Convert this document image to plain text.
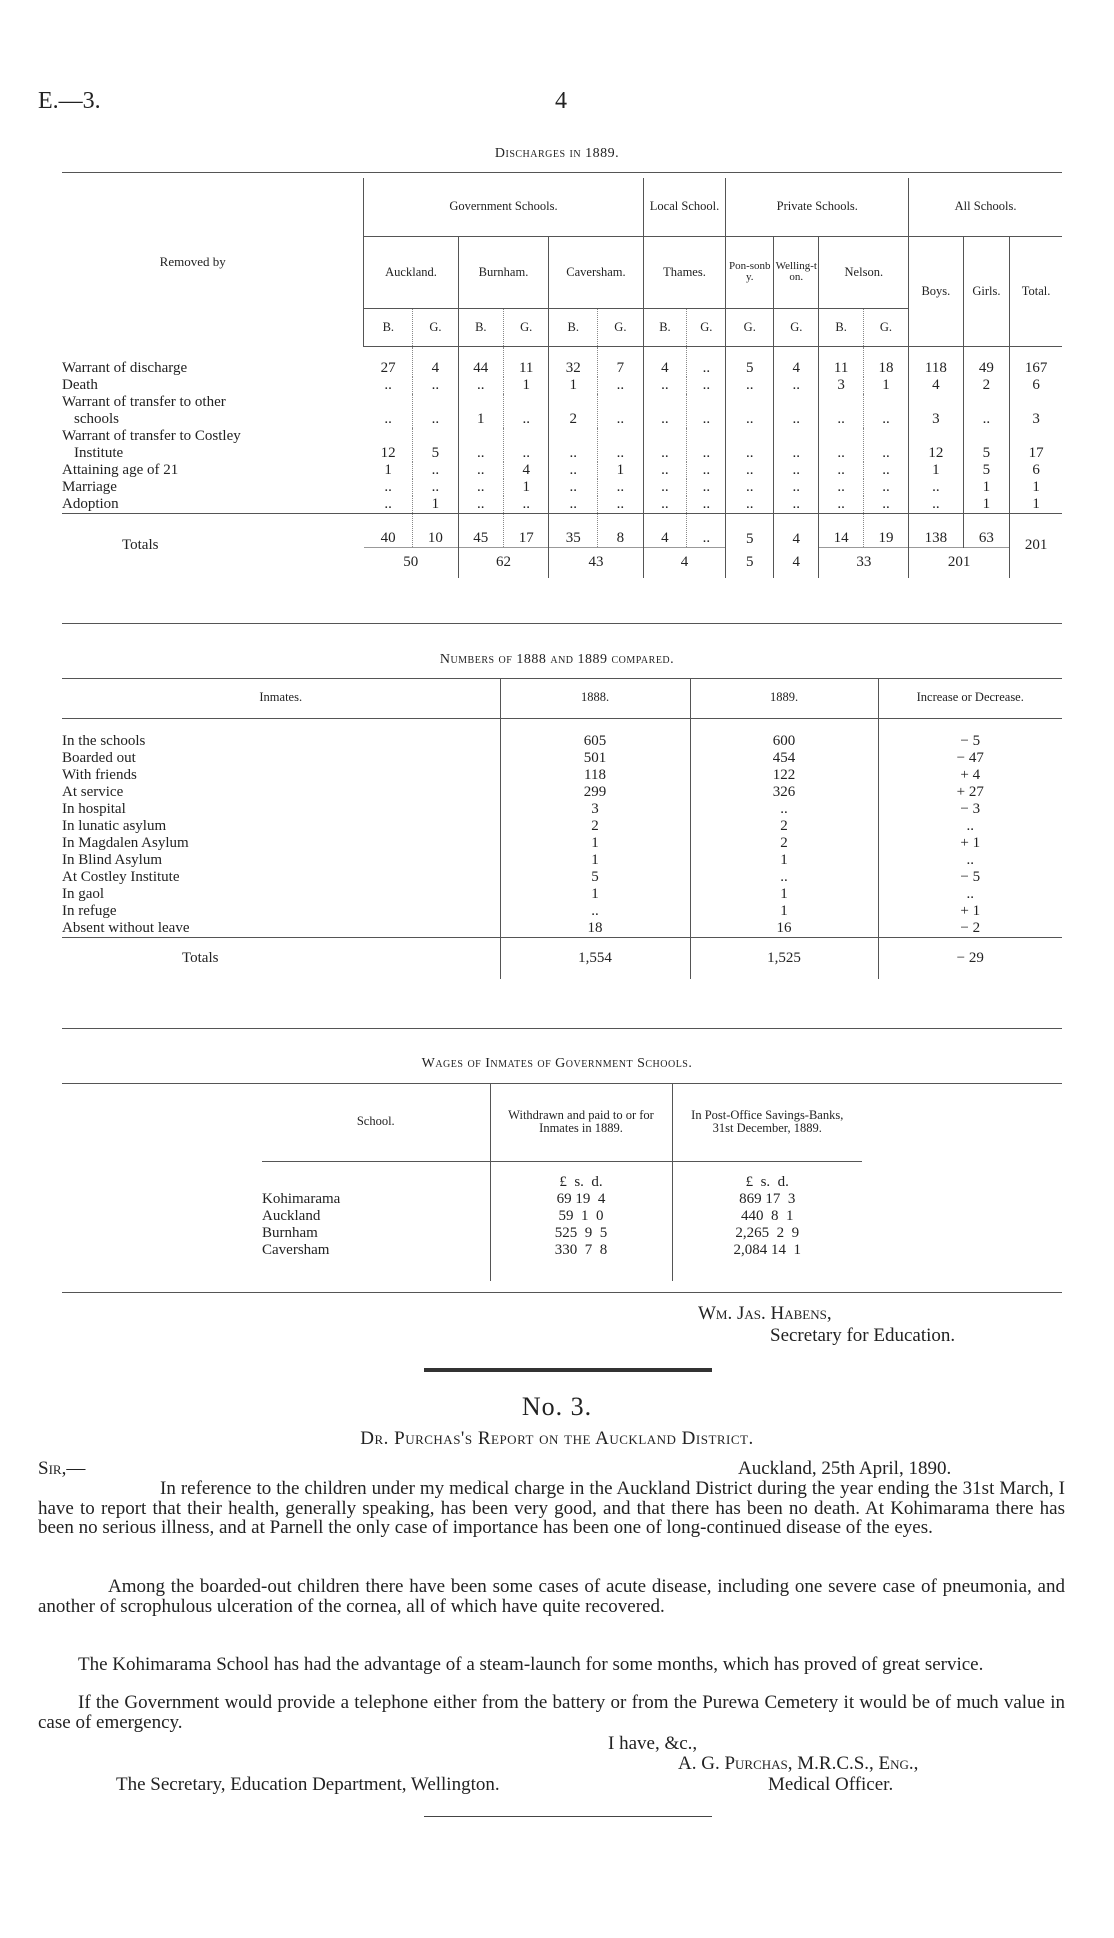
E.—3.	4
Discharges in 1889.
Removed by	Government Schools.						Local School.		Private Schools.				All Schools.		
	Auckland.		Burnham.		Caversham.		Thames.		Pon-sonby.	Welling-ton.	Nelson.		Boys.	Girls.	Total.
	B.	G.	B.	G.	B.	G.	B.	G.	G.	G.	B.	G.			

Warrant of discharge	27	4	44	11	32	7	4	..	5	4	11	18	118	49	167

Death	..	..	..	1	1	..	..	..	..	..	3	1	4	2	6

Warrant of transfer to other
schools	..	..	1	..	2	..	..	..	..	..	..	..	3	..	3

Warrant of transfer to Costley
Institute	12	5	..	..	..	..	..	..	..	..	..	..	12	5	17

Attaining age of 21	1	..	..	4	..	1	..	..	..	..	..	..	1	5	6

Marriage	..	..	..	1	..	..	..	..	..	..	..	..	..	1	1

Adoption	..	1	..	..	..	..	..	..	..	..	..	..	..	1	1
Totals	40	10	45	17	35	8	4	..	5	4	14	19	138	63	201
	50		62		43		4		5	4	33		201		
Numbers of 1888 and 1889 compared.
Inmates.	1888.	1889.	Increase or Decrease.
In the schools	605	600	− 5
Boarded out	501	454	− 47
With friends	118	122	+ 4
At service	299	326	+ 27
In hospital	3	..	− 3
In lunatic asylum	2	2	..
In Magdalen Asylum	1	2	+ 1
In Blind Asylum	1	1	..
At Costley Institute	5	..	− 5
In gaol	1	1	..
In refuge	..	1	+ 1
Absent without leave	18	16	− 2
Totals	1,554	1,525	− 29
Wages of Inmates of Government Schools.
School.	Withdrawn and paid to or for Inmates in 1889.	In Post-Office Savings-Banks, 31st December, 1889.
	£  s.  d.	£  s.  d.
Kohimarama	69 19  4	869 17  3
Auckland	59  1  0	440  8  1
Burnham	525  9  5	2,265  2  9
Caversham	330  7  8	2,084 14  1

Wm. Jas. Habens,
Secretary for Education.
No. 3.
Dr. Purchas's Report on the Auckland District.
Sir,—	Auckland, 25th April, 1890.
In reference to the children under my medical charge in the Auckland District during the year ending the 31st March, I have to report that their health, generally speaking, has been very good, and that there has been no death. At Kohimarama there has been no serious illness, and at Parnell the only case of importance has been one of long-continued disease of the eyes.
Among the boarded-out children there have been some cases of acute disease, including one severe case of pneumonia, and another of scrophulous ulceration of the cornea, all of which have quite recovered.
The Kohimarama School has had the advantage of a steam-launch for some months, which has proved of great service.
If the Government would provide a telephone either from the battery or from the Purewa Cemetery it would be of much value in case of emergency.
I have, &c.,
A. G. Purchas, M.R.C.S., Eng.,
The Secretary, Education Department, Wellington.	Medical Officer.
